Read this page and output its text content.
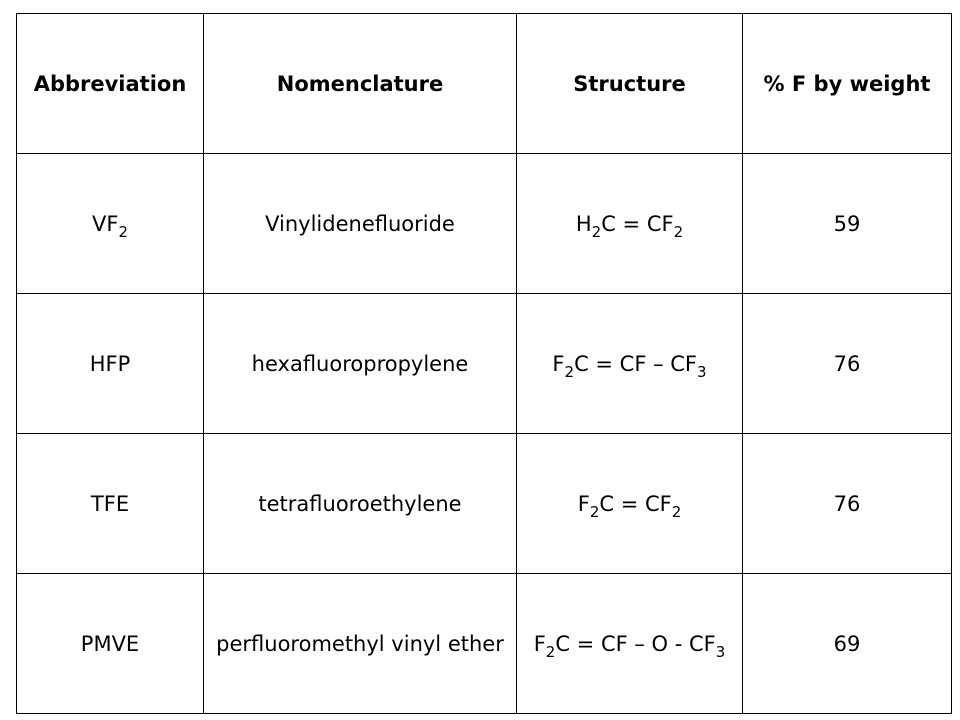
Abbreviation	Nomenclature	Structure	% F by weight
$VF_2$	Vinylidenefluoride	$H_2C = CF_2$	59
HFP	hexafluoropropylene	$F_2C$ = CF – $CF_3$	76
TFE	tetrafluoroethylene	$F_2C = CF_2$	76
PMVE	perfluoromethyl vinyl ether	$F_2C$ = CF – O - $CF_3$	69
